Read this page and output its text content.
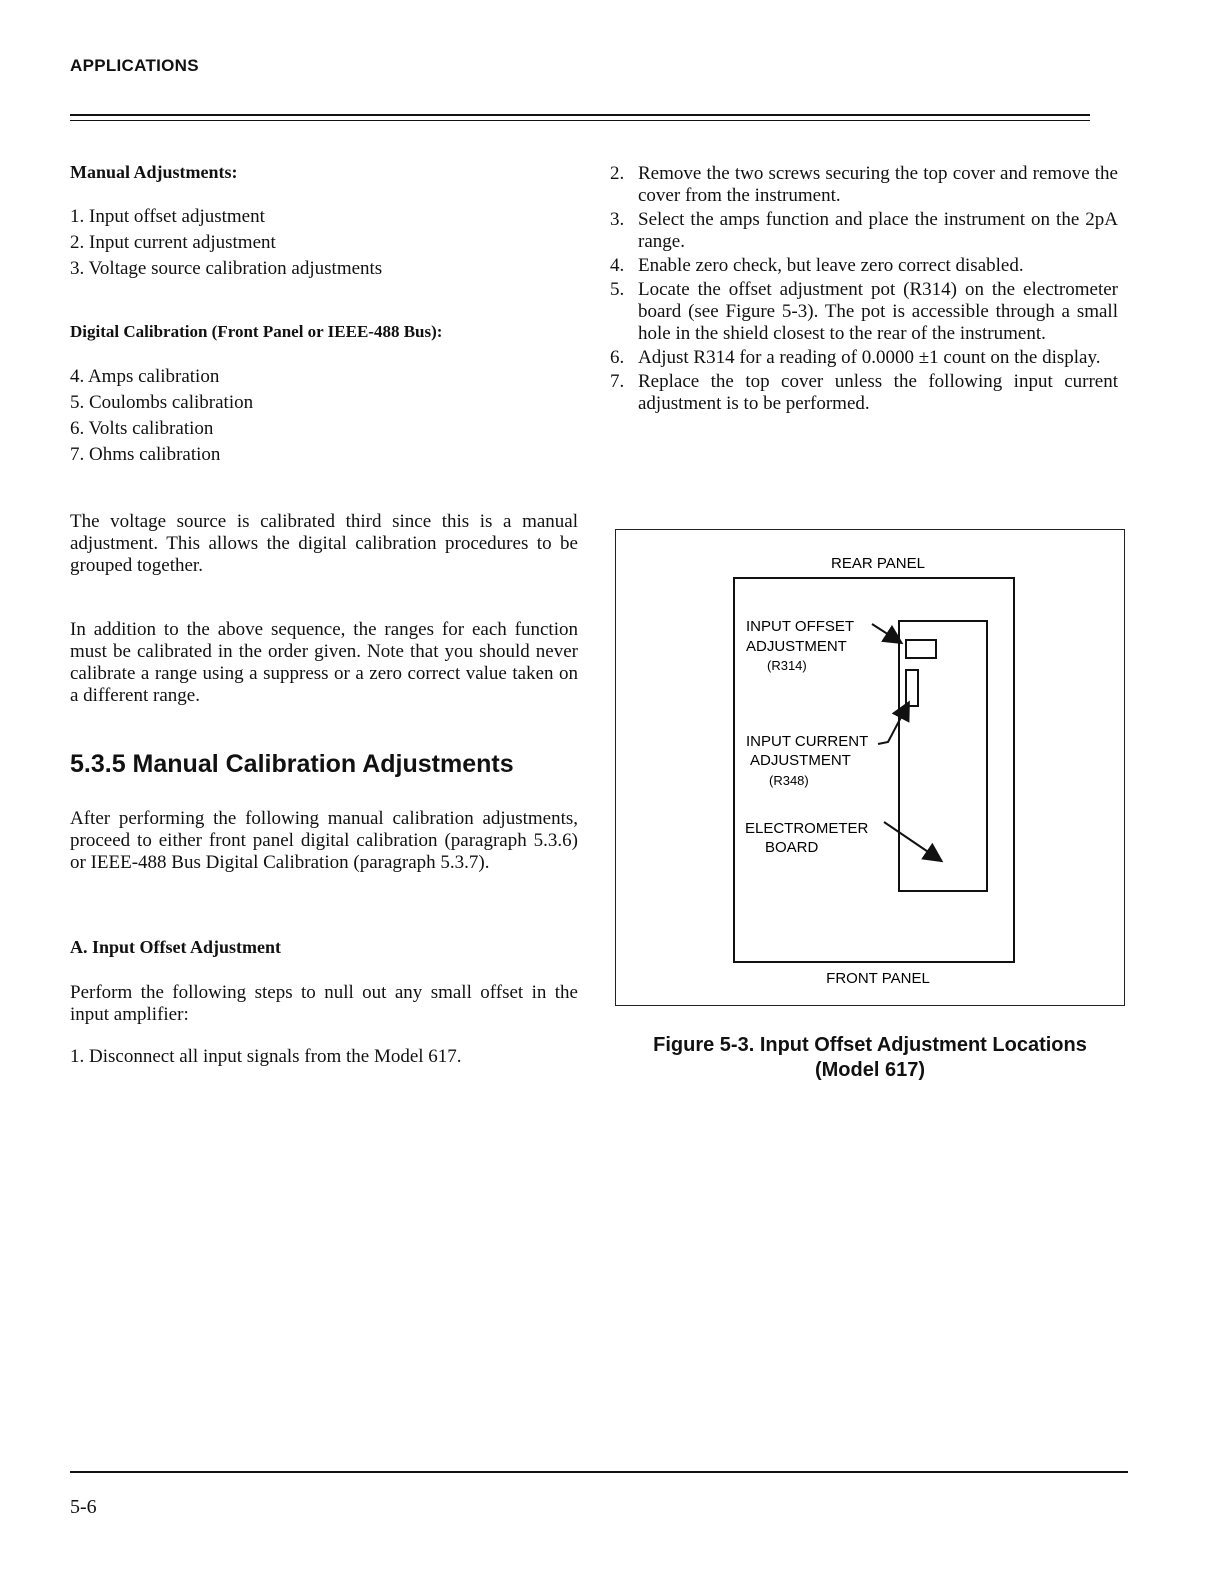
APPLICATIONS
Manual Adjustments:
1. Input offset adjustment
2. Input current adjustment
3. Voltage source calibration adjustments
Digital Calibration (Front Panel or IEEE-488 Bus):
4. Amps calibration
5. Coulombs calibration
6. Volts calibration
7. Ohms calibration
The voltage source is calibrated third since this is a manual adjustment. This allows the digital calibration procedures to be grouped together.
In addition to the above sequence, the ranges for each function must be calibrated in the order given. Note that you should never calibrate a range using a suppress or a zero correct value taken on a different range.
5.3.5 Manual Calibration Adjustments
After performing the following manual calibration adjustments, proceed to either front panel digital calibration (paragraph 5.3.6) or IEEE-488 Bus Digital Calibration (paragraph 5.3.7).
A. Input Offset Adjustment
Perform the following steps to null out any small offset in the input amplifier:
1. Disconnect all input signals from the Model 617.
2. Remove the two screws securing the top cover and remove the cover from the instrument.
3. Select the amps function and place the instrument on the 2pA range.
4. Enable zero check, but leave zero correct disabled.
5. Locate the offset adjustment pot (R314) on the electrometer board (see Figure 5-3). The pot is accessible through a small hole in the shield closest to the rear of the instrument.
6. Adjust R314 for a reading of 0.0000 ±1 count on the display.
7. Replace the top cover unless the following input current adjustment is to be performed.
REAR PANEL
INPUT OFFSET
ADJUSTMENT
(R314)
INPUT CURRENT
ADJUSTMENT
(R348)
ELECTROMETER
BOARD
FRONT PANEL
Figure 5-3. Input Offset Adjustment Locations
(Model 617)
5-6
